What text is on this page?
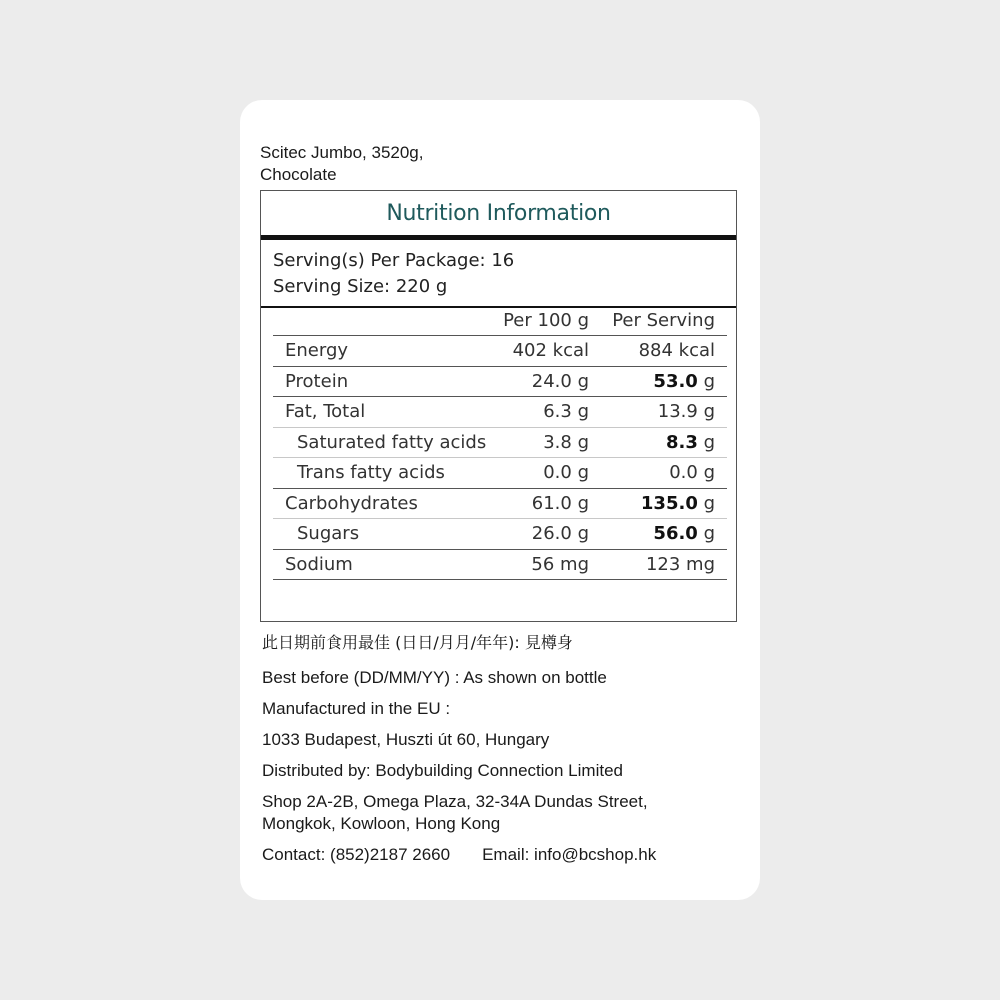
Scitec Jumbo, 3520g,
Chocolate
Nutrition Information
Serving(s) Per Package: 16
Serving Size: 220 g
	Per 100 g	Per Serving
Energy	402 kcal	884 kcal
Protein	24.0 g	53.0 g
Fat, Total	6.3 g	13.9 g
Saturated fatty acids	3.8 g	8.3 g
Trans fatty acids	0.0 g	0.0 g
Carbohydrates	61.0 g	135.0 g
Sugars	26.0 g	56.0 g
Sodium	56 mg	123 mg
此日期前食用最佳 (日日/月月/年年): 見樽身
Best before (DD/MM/YY) : As shown on bottle
Manufactured in the EU :
1033 Budapest, Huszti út 60, Hungary
Distributed by: Bodybuilding Connection Limited
Shop 2A-2B, Omega Plaza, 32-34A Dundas Street,
Mongkok, Kowloon, Hong Kong
Contact: (852)2187 2660 Email: info@bcshop.hk
